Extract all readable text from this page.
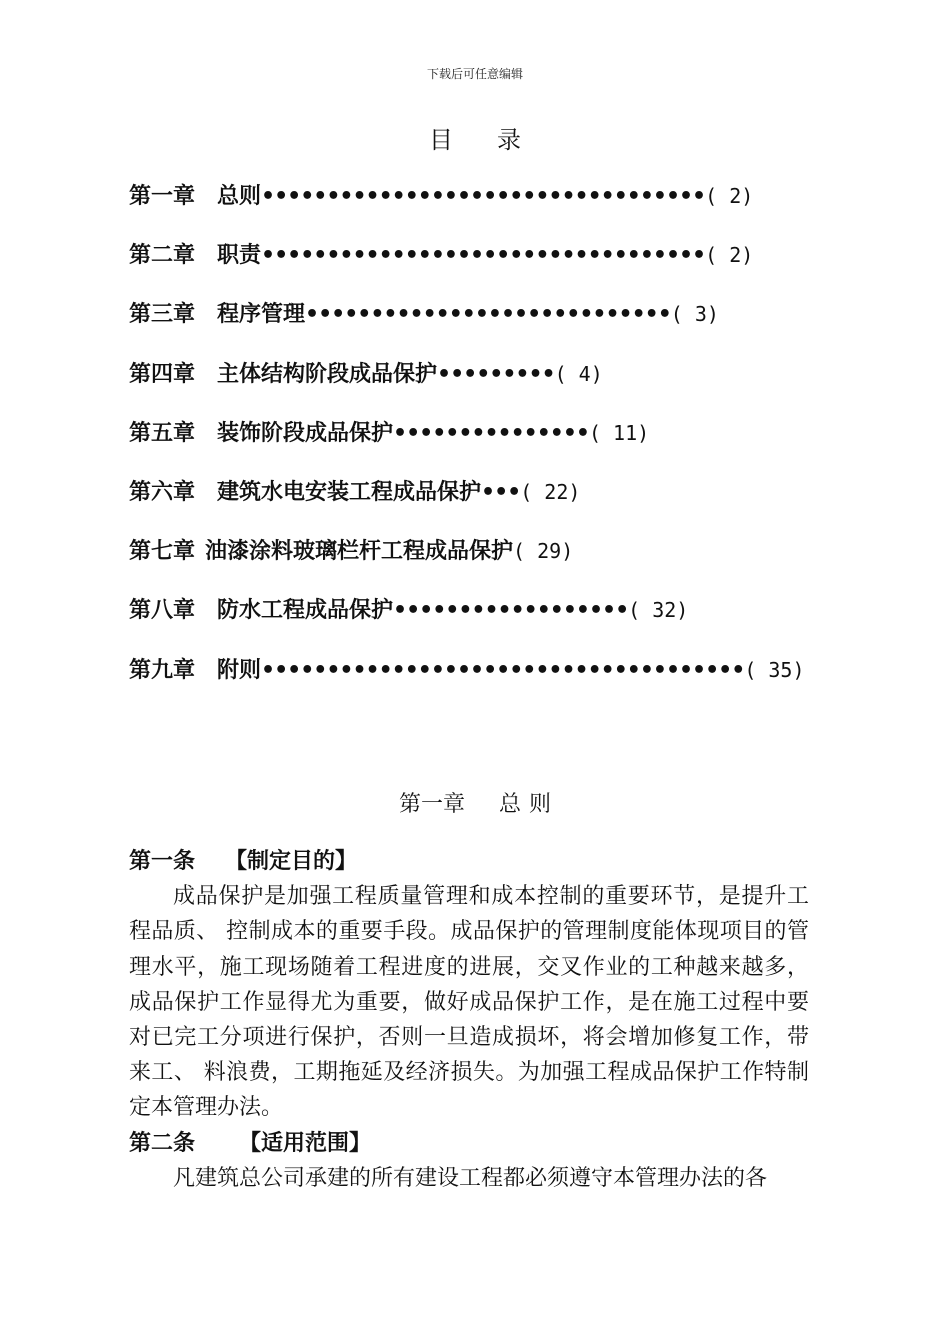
下载后可任意编辑
目 录
第一章 总则••••••••••••••••••••••••••••••••••( 2)
第二章 职责••••••••••••••••••••••••••••••••••( 2)
第三章 程序管理••••••••••••••••••••••••••••( 3)
第四章 主体结构阶段成品保护•••••••••( 4)
第五章 装饰阶段成品保护•••••••••••••••( 11)
第六章 建筑水电安装工程成品保护•••( 22)
第七章 油漆涂料玻璃栏杆工程成品保护( 29)
第八章 防水工程成品保护••••••••••••••••••( 32)
第九章 附则•••••••••••••••••••••••••••••••••••••( 35)
第一章 总 则
第一条 【制定目的】

成品保护是加强工程质量管理和成本控制的重要环节，是提升工程品质、 控制成本的重要手段。成品保护的管理制度能体现项目的管理水平，施工现场随着工程进度的进展，交叉作业的工种越来越多，成品保护工作显得尤为重要，做好成品保护工作，是在施工过程中要对已完工分项进行保护，否则一旦造成损坏，将会增加修复工作，带来工、 料浪费，工期拖延及经济损失。为加强工程成品保护工作特制定本管理办法。

第二条 【适用范围】

凡建筑总公司承建的所有建设工程都必须遵守本管理办法的各
